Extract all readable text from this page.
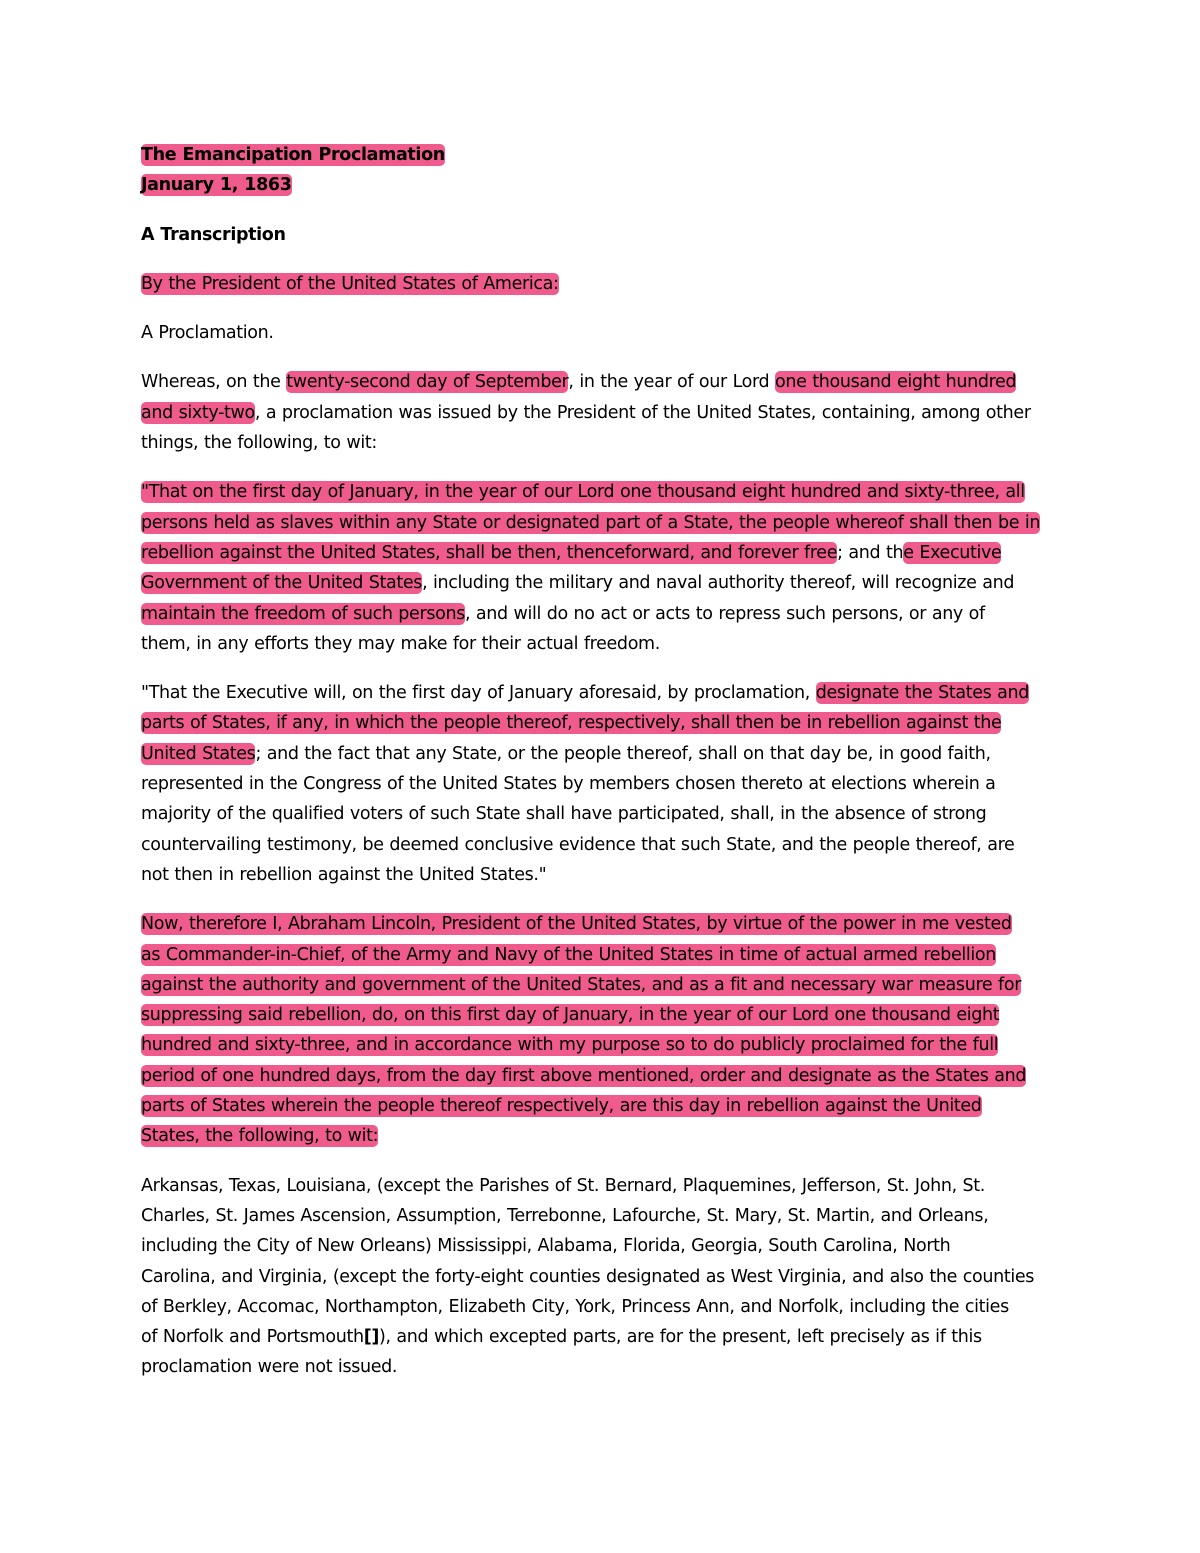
The Emancipation Proclamation
January 1, 1863
A Transcription
By the President of the United States of America:
A Proclamation.
Whereas, on the twenty-second day of September, in the year of our Lord one thousand eight hundred
and sixty-two, a proclamation was issued by the President of the United States, containing, among other
things, the following, to wit:
"That on the first day of January, in the year of our Lord one thousand eight hundred and sixty-three, all
persons held as slaves within any State or designated part of a State, the people whereof shall then be in
rebellion against the United States, shall be then, thenceforward, and forever free; and the Executive
Government of the United States, including the military and naval authority thereof, will recognize and
maintain the freedom of such persons, and will do no act or acts to repress such persons, or any of
them, in any efforts they may make for their actual freedom.
"That the Executive will, on the first day of January aforesaid, by proclamation, designate the States and
parts of States, if any, in which the people thereof, respectively, shall then be in rebellion against the
United States; and the fact that any State, or the people thereof, shall on that day be, in good faith,
represented in the Congress of the United States by members chosen thereto at elections wherein a
majority of the qualified voters of such State shall have participated, shall, in the absence of strong
countervailing testimony, be deemed conclusive evidence that such State, and the people thereof, are
not then in rebellion against the United States."
Now, therefore I, Abraham Lincoln, President of the United States, by virtue of the power in me vested
as Commander-in-Chief, of the Army and Navy of the United States in time of actual armed rebellion
against the authority and government of the United States, and as a fit and necessary war measure for
suppressing said rebellion, do, on this first day of January, in the year of our Lord one thousand eight
hundred and sixty-three, and in accordance with my purpose so to do publicly proclaimed for the full
period of one hundred days, from the day first above mentioned, order and designate as the States and
parts of States wherein the people thereof respectively, are this day in rebellion against the United
States, the following, to wit:
Arkansas, Texas, Louisiana, (except the Parishes of St. Bernard, Plaquemines, Jefferson, St. John, St.
Charles, St. James Ascension, Assumption, Terrebonne, Lafourche, St. Mary, St. Martin, and Orleans,
including the City of New Orleans) Mississippi, Alabama, Florida, Georgia, South Carolina, North
Carolina, and Virginia, (except the forty-eight counties designated as West Virginia, and also the counties
of Berkley, Accomac, Northampton, Elizabeth City, York, Princess Ann, and Norfolk, including the cities
of Norfolk and Portsmouth[]), and which excepted parts, are for the present, left precisely as if this
proclamation were not issued.
